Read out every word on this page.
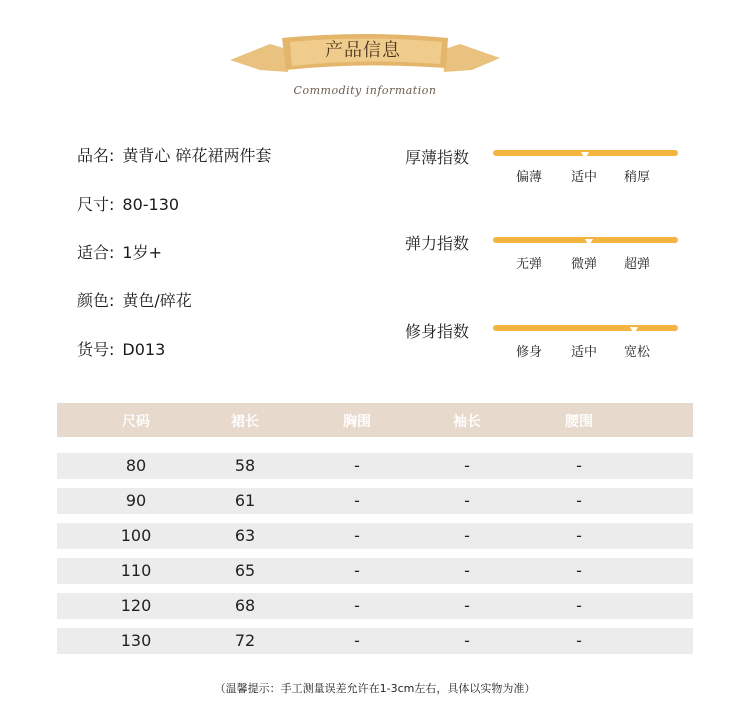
产品信息
Commodity information
品名: 黄背心 碎花裙两件套
尺寸: 80-130
适合: 1岁+
颜色: 黄色/碎花
货号: D013
厚薄指数
偏薄 适中 稍厚
弹力指数
无弹 微弹 超弹
修身指数
修身 适中 宽松
尺码	裙长	胸围	袖长	腰围
80	58	-	-	-
90	61	-	-	-
100	63	-	-	-
110	65	-	-	-
120	68	-	-	-
130	72	-	-	-
（温馨提示：手工测量误差允许在1-3cm左右，具体以实物为准）
